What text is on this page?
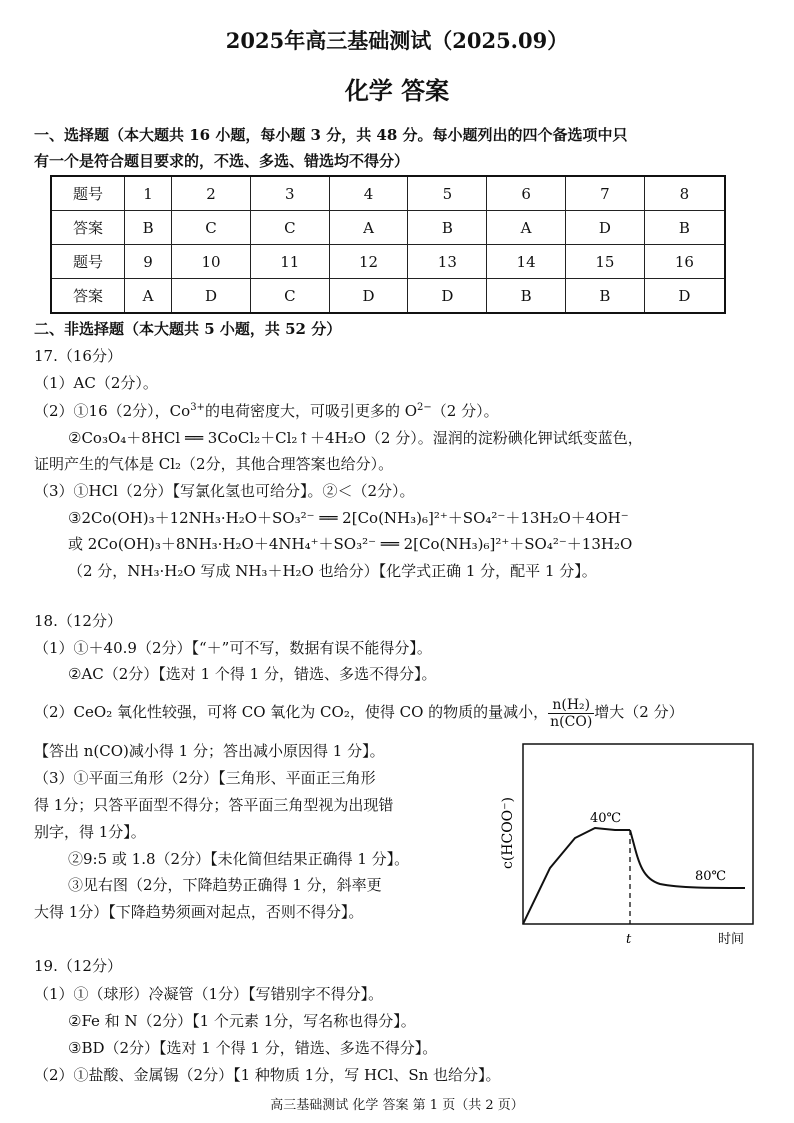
2025年高三基础测试（2025.09）
化学 答案
一、选择题（本大题共 16 小题，每小题 3 分，共 48 分。每小题列出的四个备选项中只
有一个是符合题目要求的，不选、多选、错选均不得分）
题号	1	2	3	4	5	6	7	8
答案	B	C	C	A	B	A	D	B
题号	9	10	11	12	13	14	15	16
答案	A	D	C	D	D	B	B	D
二、非选择题（本大题共 5 小题，共 52 分）
17.（16分）
（1）AC（2分）。
（2）①16（2分），$Co^{3+}$的电荷密度大，可吸引更多的 $O^{2-}(2$ 分）。
②Co₃O₄＋8HCl ══ 3CoCl₂＋Cl₂↑＋4H₂O（2 分）。湿润的淀粉碘化钾试纸变蓝色，
证明产生的气体是 Cl₂（2分，其他合理答案也给分）。
（3）①HCl（2分）【写氯化氢也可给分】。②＜（2分）。
③2Co(OH)₃＋12NH₃·H₂O＋SO₃²⁻ ══ 2[Co(NH₃)₆]²⁺＋SO₄²⁻＋13H₂O＋4OH⁻
或 2Co(OH)₃＋8NH₃·H₂O＋4NH₄⁺＋SO₃²⁻ ══ 2[Co(NH₃)₆]²⁺＋SO₄²⁻＋13H₂O
（2 分，NH₃·H₂O 写成 NH₃＋H₂O 也给分）【化学式正确 1 分，配平 1 分】。
18.（12分）
（1）①＋40.9（2分）【“＋”可不写，数据有误不能得分】。
②AC（2分）【选对 1 个得 1 分，错选、多选不得分】。
（2）CeO₂ 氧化性较强，可将 CO 氧化为 CO₂，使得 CO 的物质的量减小， $\frac{\text{n(H₂)}}{n(CO)}$ 增大（2 分）
【答出 n(CO)减小得 1 分；答出减小原因得 1 分】。
（3）①平面三角形（2分）【三角形、平面正三角形
得 1分；只答平面型不得分；答平面三角型视为出现错
别字，得 1分】。
②9:5 或 1.8（2分）【未化简但结果正确得 1 分】。
③见右图（2分，下降趋势正确得 1 分，斜率更
大得 1分）【下降趋势须画对起点，否则不得分】。
c(HCOO⁻)	40℃
80℃
t	时间
19.（12分）
（1）①（球形）冷凝管（1分）【写错别字不得分】。
②Fe 和 N（2分）【1 个元素 1分，写名称也得分】。
③BD（2分）【选对 1 个得 1 分，错选、多选不得分】。
（2）①盐酸、金属锡（2分）【1 种物质 1分，写 HCl、Sn 也给分】。
高三基础测试 化学 答案 第 1 页（共 2 页）
